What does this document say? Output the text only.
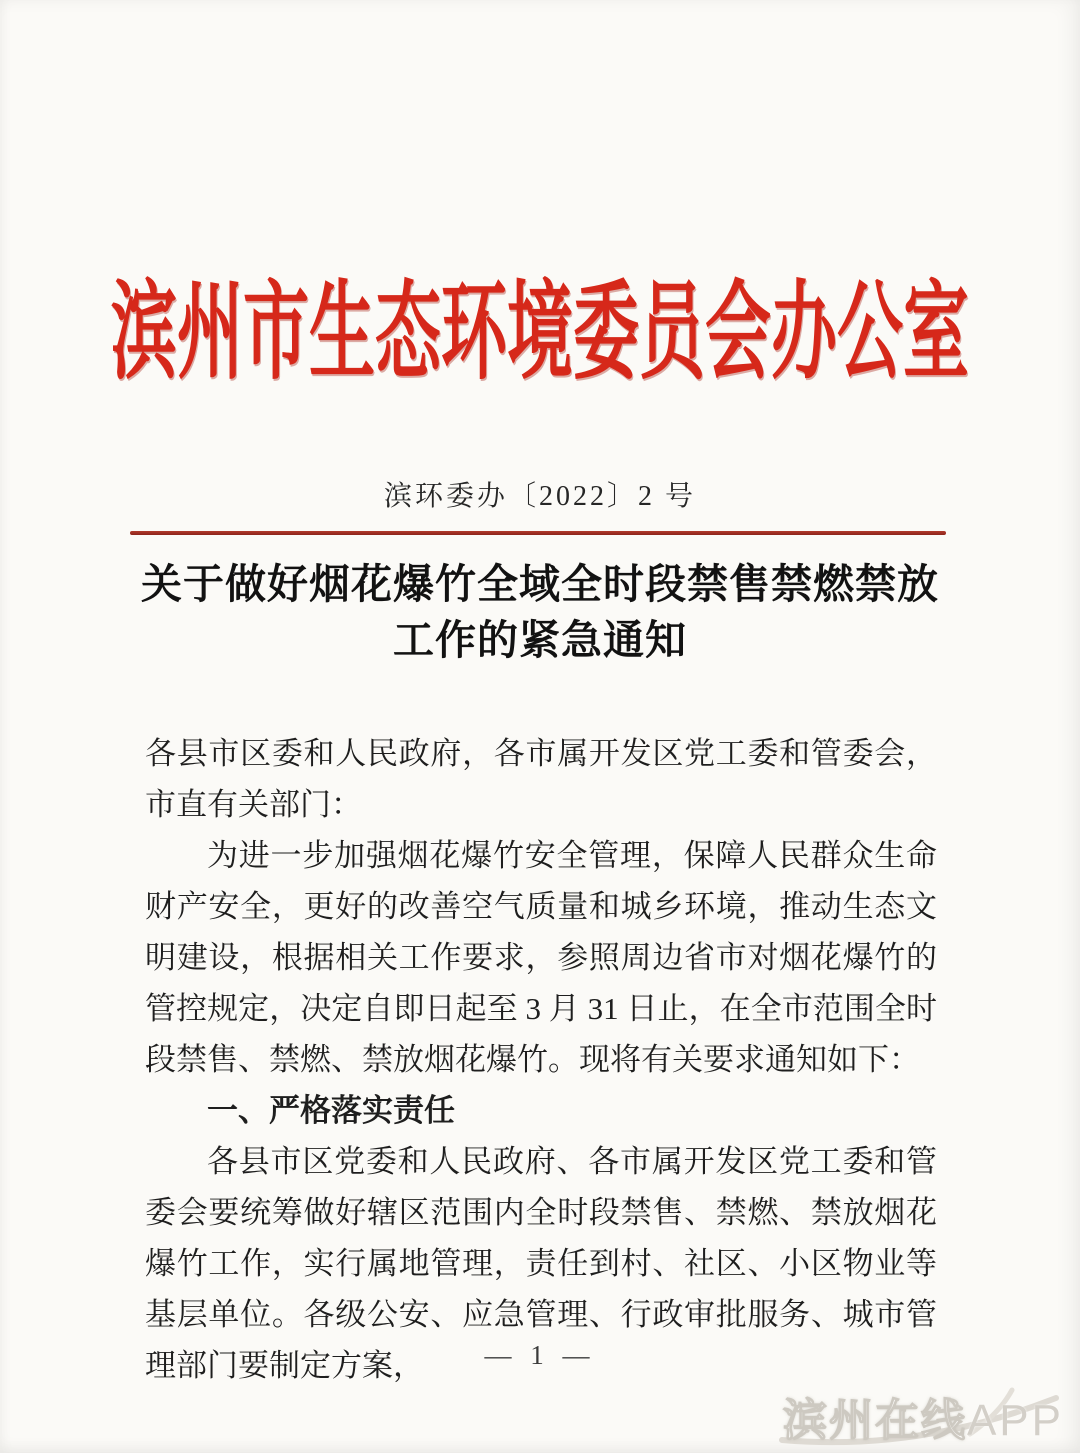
滨州市生态环境委员会办公室
滨环委办〔2022〕2 号
关于做好烟花爆竹全域全时段禁售禁燃禁放
工作的紧急通知

各县市区委和人民政府，各市属开发区党工委和管委会，市直有关部门：

为进一步加强烟花爆竹安全管理，保障人民群众生命财产安全，更好的改善空气质量和城乡环境，推动生态文明建设，根据相关工作要求，参照周边省市对烟花爆竹的管控规定，决定自即日起至 3 月 31 日止，在全市范围全时段禁售、禁燃、禁放烟花爆竹。现将有关要求通知如下：

一、严格落实责任

各县市区党委和人民政府、各市属开发区党工委和管委会要统筹做好辖区范围内全时段禁售、禁燃、禁放烟花爆竹工作，实行属地管理，责任到村、社区、小区物业等基层单位。各级公安、应急管理、行政审批服务、城市管理部门要制定方案，	— 1 —
滨州在线APP
